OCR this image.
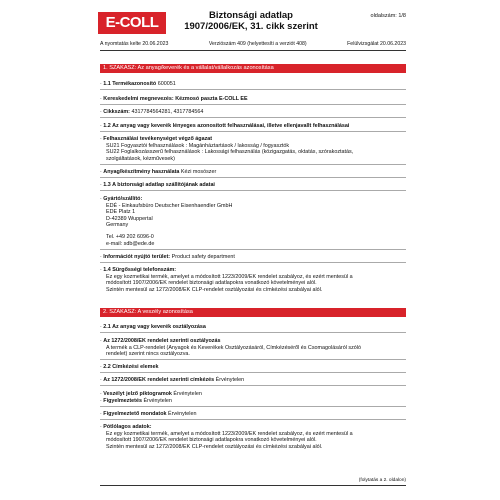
E-COLL	Biztonsági adatlap
1907/2006/EK, 31. cikk szerint
oldalszám: 1/8
A nyomtatás kelte 20.06.2023	Verziószám 409 (helyettesíti a verziót 408)	Felülvizsgálat 20.06.2023
1. SZAKASZ: Az anyag/keverék és a vállalat/vállalkozás azonosítása
· 1.1 Termékazonosító 600051
· Kereskedelmi megnevezés: Kézmosó paszta E-COLL EE
· Cikkszám: 4317784564281, 4317784564
· 1.2 Az anyag vagy keverék lényeges azonosított felhasználásai, illetve ellenjavallt felhasználásai
· Felhasználási tevékenységet végző ágazat
SU21 Fogyasztói felhasználások : Magánháztartások / lakosság / fogyasztók
SU22 Foglalkozásszerű felhasználások : Lakossági felhasználás (közigazgatás, oktatás, szórakoztatás,
szolgáltatások, kézművesek)
· Anyag/készítmény használata Kézi mosószer
· 1.3 A biztonsági adatlap szállítójának adatai
· Gyártó/szállító:
EDÉ - Einkaufsbüro Deutscher Eisenhaendler GmbH
EDE Platz 1
D-42389 Wuppertal
Germany
Tel. +49 202 6096-0
e-mail: sdb@ede.de
· Információt nyújtó terület: Product safety department
· 1.4 Sürgősségi telefonszám:
Ez egy kozmetikai termék, amelyet a módosított 1223/2009/EK rendelet szabályoz, és ezért mentesül a
módosított 1907/2006/EK rendelet biztonsági adatlapokra vonatkozó követelményei alól.
Szintén mentesül az 1272/2008/EK CLP-rendelet osztályozási és címkézési szabályai alól.
2. SZAKASZ: A veszély azonosítása
· 2.1 Az anyag vagy keverék osztályozása
· Az 1272/2008/EK rendelet szerinti osztályozás
A termék a CLP-rendelet (Anyagok és Keverékek Osztályozásáról, Címkézéséről és Csomagolásáról szóló
rendelet) szerint nincs osztályozva.
· 2.2 Címkézési elemek
· Az 1272/2008/EK rendelet szerinti címkézés Érvénytelen
· Veszélyt jelző piktogramok Érvénytelen
· Figyelmeztetés Érvénytelen
· Figyelmeztető mondatok Érvénytelen
· Pótlólagos adatok:
Ez egy kozmetikai termék, amelyet a módosított 1223/2009/EK rendelet szabályoz, és ezért mentesül a
módosított 1907/2006/EK rendelet biztonsági adatlapokra vonatkozó követelményei alól.
Szintén mentesül az 1272/2008/EK CLP-rendelet osztályozási és címkézési szabályai alól.
(folytatás a 2. oldalon)
